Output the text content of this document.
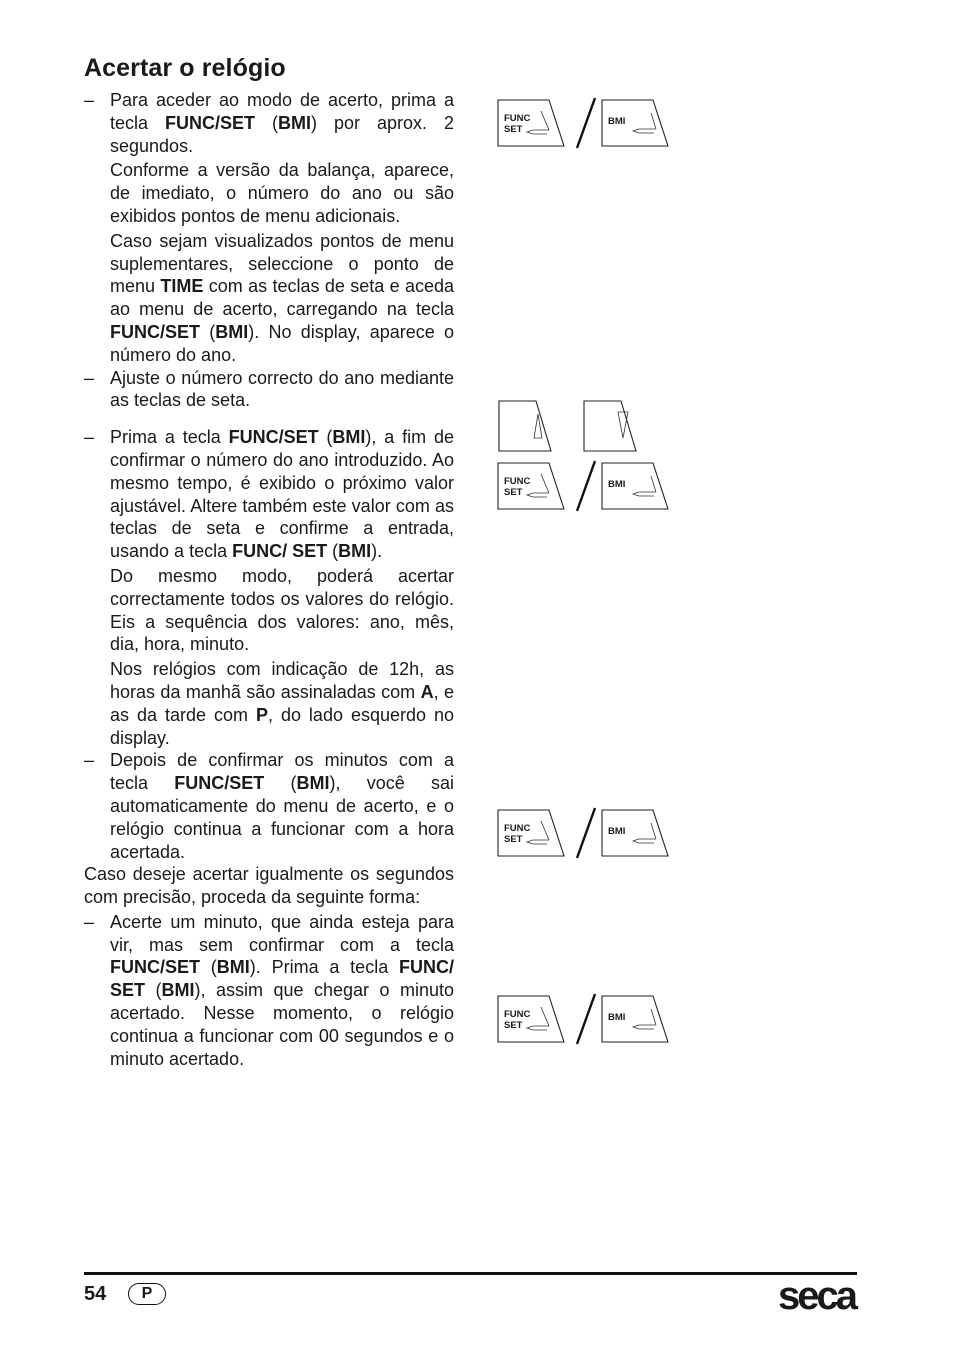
Acertar o relógio

– Para aceder ao modo de acerto, prima a tecla FUNC/SET (BMI) por aprox. 2 segundos.

Conforme a versão da balança, aparece, de imediato, o número do ano ou são exibidos pontos de menu adicionais.

Caso sejam visualizados pontos de menu suplementares, seleccione o ponto de menu TIME com as teclas de seta e aceda ao menu de acerto, carregando na tecla FUNC/SET (BMI). No display, aparece o número do ano.

– Ajuste o número correcto do ano mediante as teclas de seta.

– Prima a tecla FUNC/SET (BMI), a fim de confirmar o número do ano introduzido. Ao mesmo tempo, é exibido o próximo valor ajustável. Altere também este valor com as teclas de seta e confirme a entrada, usando a tecla FUNC/ SET (BMI).

Do mesmo modo, poderá acertar correctamente todos os valores do relógio. Eis a sequência dos valores: ano, mês, dia, hora, minuto.

Nos relógios com indicação de 12h, as horas da manhã são assinaladas com A, e as da tarde com P, do lado esquerdo no display.

– Depois de confirmar os minutos com a tecla FUNC/SET (BMI), você sai automaticamente do menu de acerto, e o relógio continua a funcionar com a hora acertada.

Caso deseje acertar igualmente os segundos com precisão, proceda da seguinte forma:

– Acerte um minuto, que ainda esteja para vir, mas sem confirmar com a tecla FUNC/SET (BMI). Prima a tecla FUNC/ SET (BMI), assim que chegar o minuto acertado. Nesse momento, o relógio continua a funcionar com 00 segundos e o minuto acertado.

FUNC
SET
BMI
FUNC
SET
BMI
FUNC
SET
BMI
FUNC
SET
BMI
54	P	seca
